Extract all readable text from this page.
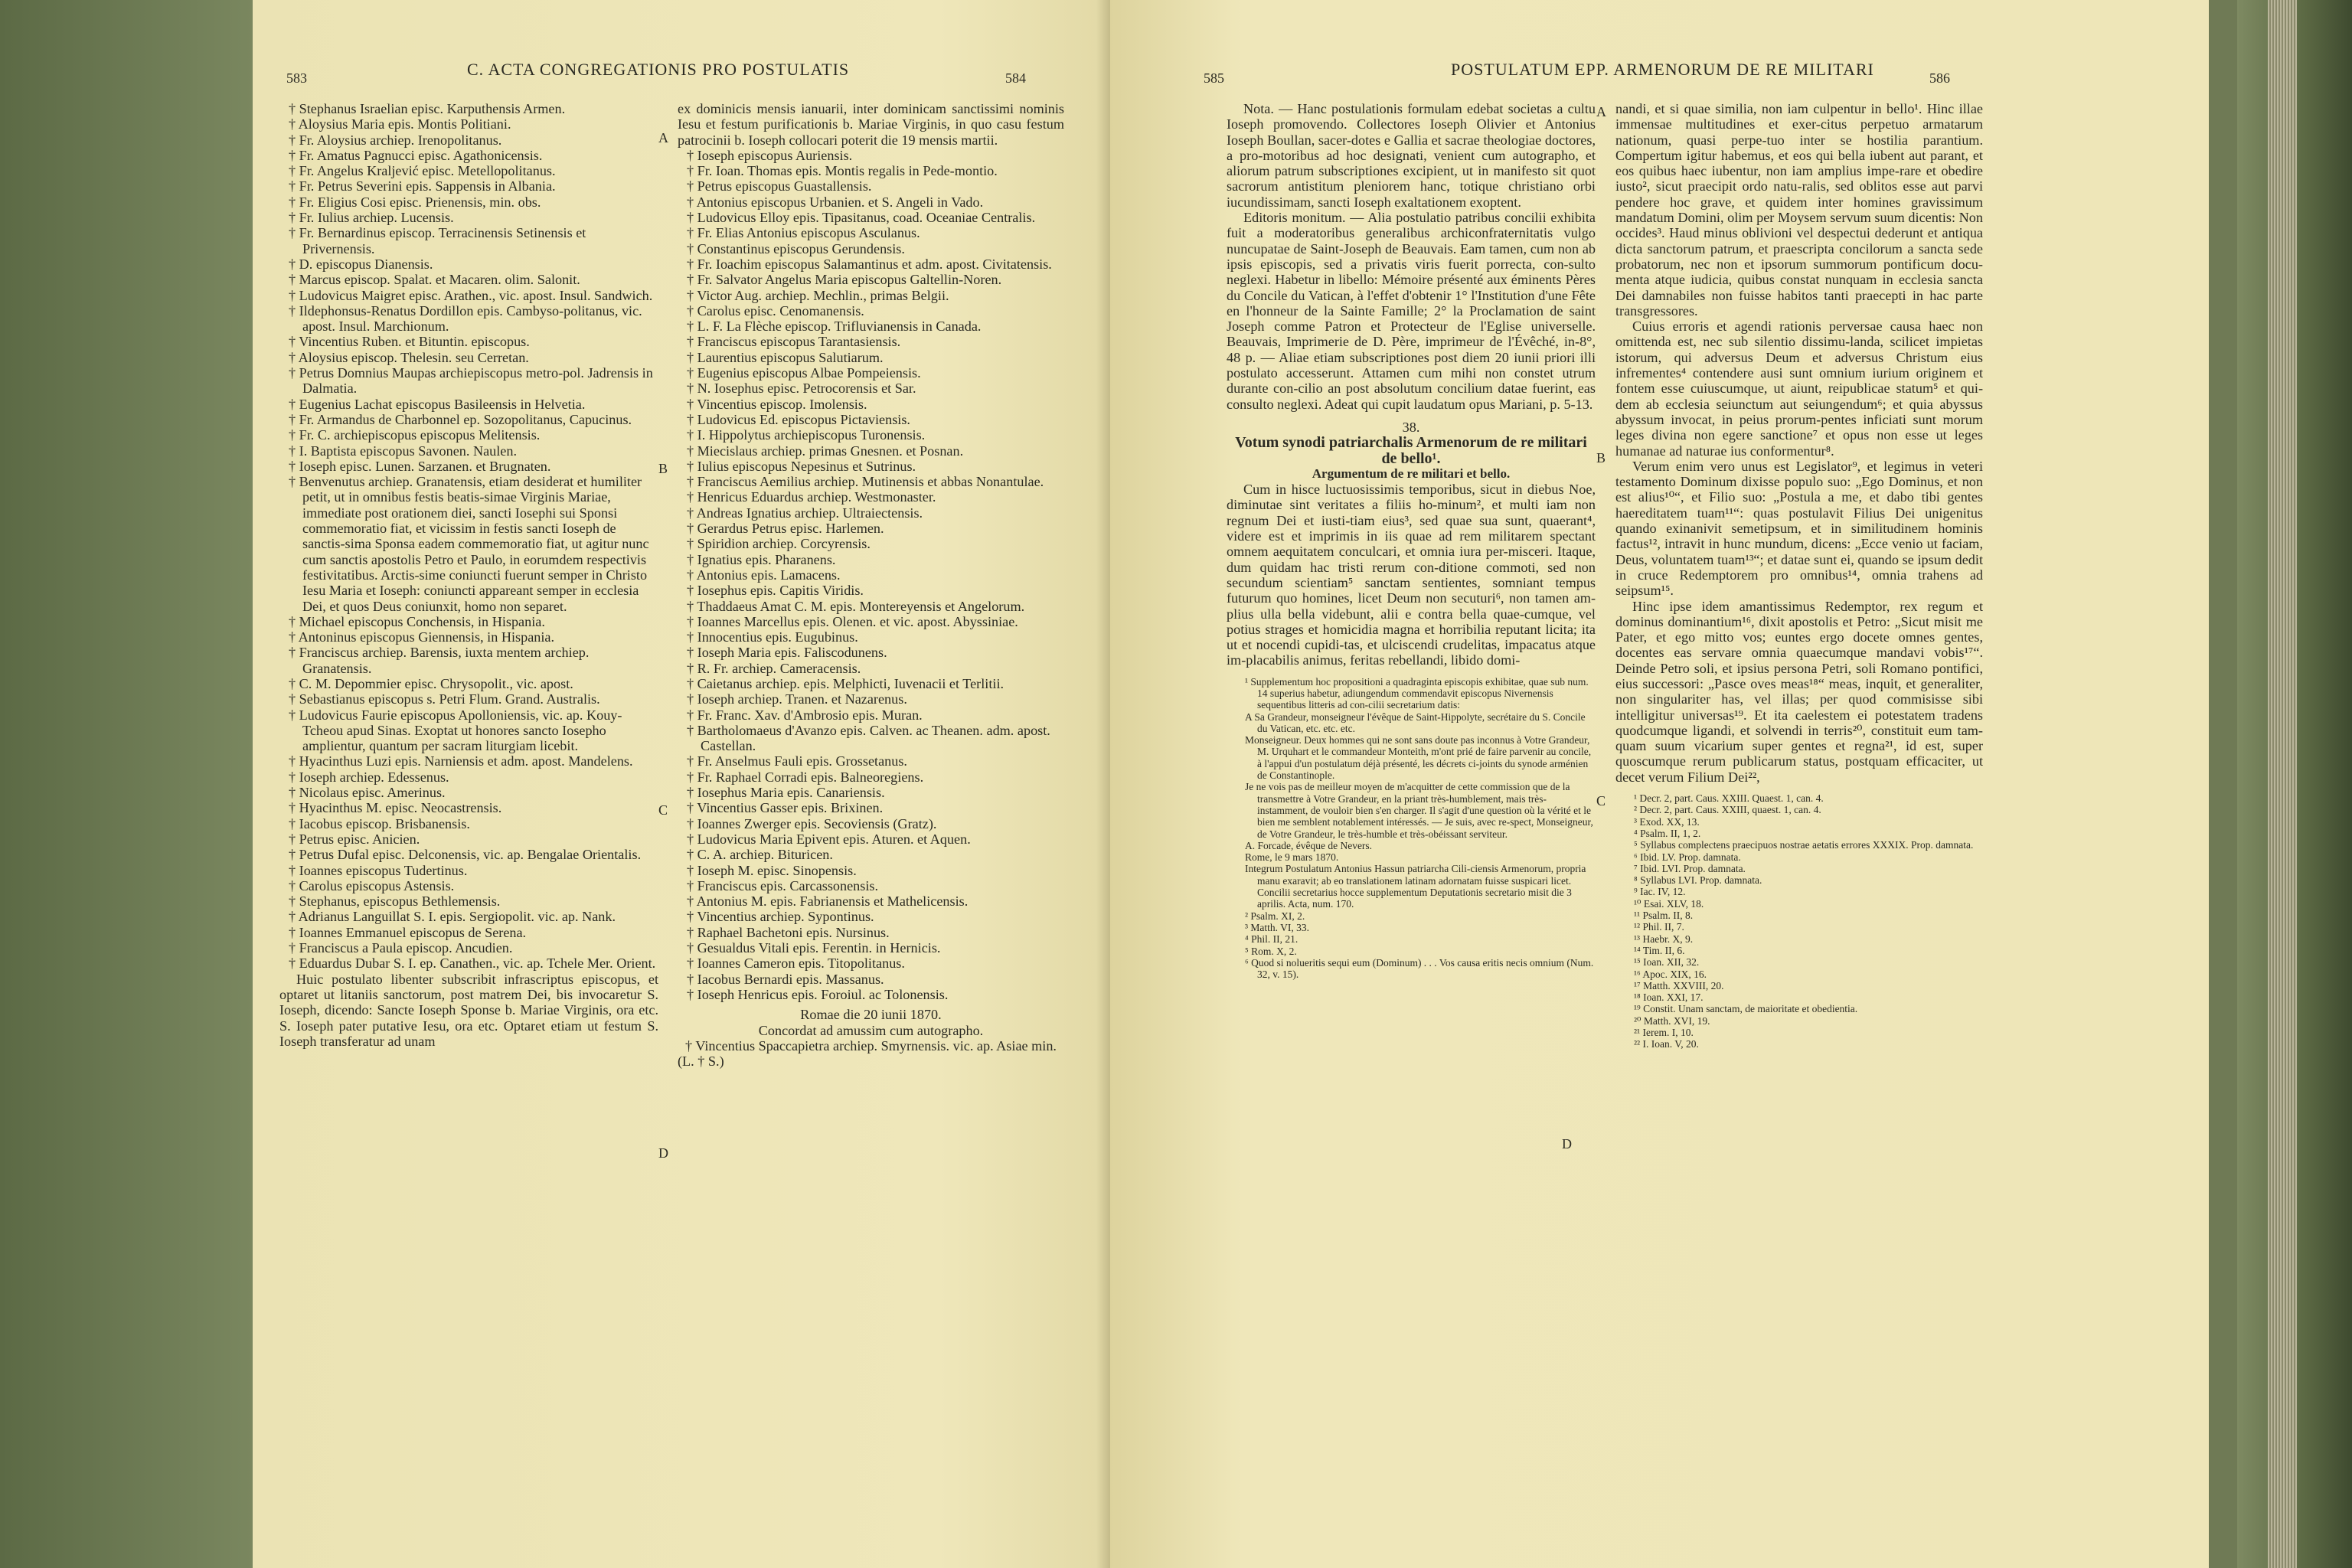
583	C. ACTA CONGREGATIONIS PRO POSTULATIS	584

† Stephanus Israelian episc. Karputhensis Armen.

† Aloysius Maria epis. Montis Politiani.

† Fr. Aloysius archiep. Irenopolitanus.

† Fr. Amatus Pagnucci episc. Agathonicensis.

† Fr. Angelus Kraljević episc. Metellopolitanus.

† Fr. Petrus Severini epis. Sappensis in Albania.

† Fr. Eligius Cosi episc. Prienensis, min. obs.

† Fr. Iulius archiep. Lucensis.

† Fr. Bernardinus episcop. Terracinensis Setinensis et Privernensis.

† D. episcopus Dianensis.

† Marcus episcop. Spalat. et Macaren. olim. Salonit.

† Ludovicus Maigret episc. Arathen., vic. apost. Insul. Sandwich.

† Ildephonsus-Renatus Dordillon epis. Cambyso-politanus, vic. apost. Insul. Marchionum.

† Vincentius Ruben. et Bituntin. episcopus.

† Aloysius episcop. Thelesin. seu Cerretan.

† Petrus Domnius Maupas archiepiscopus metro-pol. Jadrensis in Dalmatia.

† Eugenius Lachat episcopus Basileensis in Helvetia.

† Fr. Armandus de Charbonnel ep. Sozopolitanus, Capucinus.

† Fr. C. archiepiscopus episcopus Melitensis.

† I. Baptista episcopus Savonen. Naulen.

† Ioseph episc. Lunen. Sarzanen. et Brugnaten.

† Benvenutus archiep. Granatensis, etiam desiderat et humiliter petit, ut in omnibus festis beatis-simae Virginis Mariae, immediate post orationem diei, sancti Iosephi sui Sponsi commemoratio fiat, et vicissim in festis sancti Ioseph de sanctis-sima Sponsa eadem commemoratio fiat, ut agitur nunc cum sanctis apostolis Petro et Paulo, in eorumdem respectivis festivitatibus. Arctis-sime coniuncti fuerunt semper in Christo Iesu Maria et Ioseph: coniuncti appareant semper in ecclesia Dei, et quos Deus coniunxit, homo non separet.

† Michael episcopus Conchensis, in Hispania.

† Antoninus episcopus Giennensis, in Hispania.

† Franciscus archiep. Barensis, iuxta mentem archiep. Granatensis.

† C. M. Depommier episc. Chrysopolit., vic. apost.

† Sebastianus episcopus s. Petri Flum. Grand. Australis.

† Ludovicus Faurie episcopus Apolloniensis, vic. ap. Kouy-Tcheou apud Sinas. Exoptat ut honores sancto Iosepho amplientur, quantum per sacram liturgiam licebit.

† Hyacinthus Luzi epis. Narniensis et adm. apost. Mandelens.

† Ioseph archiep. Edessenus.

† Nicolaus episc. Amerinus.

† Hyacinthus M. episc. Neocastrensis.

† Iacobus episcop. Brisbanensis.

† Petrus episc. Anicien.

† Petrus Dufal episc. Delconensis, vic. ap. Bengalae Orientalis.

† Ioannes episcopus Tudertinus.

† Carolus episcopus Astensis.

† Stephanus, episcopus Bethlemensis.

† Adrianus Languillat S. I. epis. Sergiopolit. vic. ap. Nank.

† Ioannes Emmanuel episcopus de Serena.

† Franciscus a Paula episcop. Ancudien.

† Eduardus Dubar S. I. ep. Canathen., vic. ap. Tchele Mer. Orient.

Huic postulato libenter subscribit infrascriptus episcopus, et optaret ut litaniis sanctorum, post matrem Dei, bis invocaretur S. Ioseph, dicendo: Sancte Ioseph Sponse b. Mariae Virginis, ora etc. S. Ioseph pater putative Iesu, ora etc. Optaret etiam ut festum S. Ioseph transferatur ad unam

ex dominicis mensis ianuarii, inter dominicam sanctissimi nominis Iesu et festum purificationis b. Mariae Virginis, in quo casu festum patrocinii b. Ioseph collocari poterit die 19 mensis martii.

† Ioseph episcopus Auriensis.

† Fr. Ioan. Thomas epis. Montis regalis in Pede-montio.

† Petrus episcopus Guastallensis.

† Antonius episcopus Urbanien. et S. Angeli in Vado.

† Ludovicus Elloy epis. Tipasitanus, coad. Oceaniae Centralis.

† Fr. Elias Antonius episcopus Asculanus.

† Constantinus episcopus Gerundensis.

† Fr. Ioachim episcopus Salamantinus et adm. apost. Civitatensis.

† Fr. Salvator Angelus Maria episcopus Galtellin-Noren.

† Victor Aug. archiep. Mechlin., primas Belgii.

† Carolus episc. Cenomanensis.

† L. F. La Flèche episcop. Trifluvianensis in Canada.

† Franciscus episcopus Tarantasiensis.

† Laurentius episcopus Salutiarum.

† Eugenius episcopus Albae Pompeiensis.

† N. Iosephus episc. Petrocorensis et Sar.

† Vincentius episcop. Imolensis.

† Ludovicus Ed. episcopus Pictaviensis.

† I. Hippolytus archiepiscopus Turonensis.

† Miecislaus archiep. primas Gnesnen. et Posnan.

† Iulius episcopus Nepesinus et Sutrinus.

† Franciscus Aemilius archiep. Mutinensis et abbas Nonantulae.

† Henricus Eduardus archiep. Westmonaster.

† Andreas Ignatius archiep. Ultraiectensis.

† Gerardus Petrus episc. Harlemen.

† Spiridion archiep. Corcyrensis.

† Ignatius epis. Pharanens.

† Antonius epis. Lamacens.

† Iosephus epis. Capitis Viridis.

† Thaddaeus Amat C. M. epis. Montereyensis et Angelorum.

† Ioannes Marcellus epis. Olenen. et vic. apost. Abyssiniae.

† Innocentius epis. Eugubinus.

† Ioseph Maria epis. Faliscodunens.

† R. Fr. archiep. Cameracensis.

† Caietanus archiep. epis. Melphicti, Iuvenacii et Terlitii.

† Ioseph archiep. Tranen. et Nazarenus.

† Fr. Franc. Xav. d'Ambrosio epis. Muran.

† Bartholomaeus d'Avanzo epis. Calven. ac Theanen. adm. apost. Castellan.

† Fr. Anselmus Fauli epis. Grossetanus.

† Fr. Raphael Corradi epis. Balneoregiens.

† Iosephus Maria epis. Canariensis.

† Vincentius Gasser epis. Brixinen.

† Ioannes Zwerger epis. Secoviensis (Gratz).

† Ludovicus Maria Epivent epis. Aturen. et Aquen.

† C. A. archiep. Bituricen.

† Ioseph M. episc. Sinopensis.

† Franciscus epis. Carcassonensis.

† Antonius M. epis. Fabrianensis et Mathelicensis.

† Vincentius archiep. Sypontinus.

† Raphael Bachetoni epis. Nursinus.

† Gesualdus Vitali epis. Ferentin. in Hernicis.

† Ioannes Cameron epis. Titopolitanus.

† Iacobus Bernardi epis. Massanus.

† Ioseph Henricus epis. Foroiul. ac Tolonensis.

Romae die 20 iunii 1870.

Concordat ad amussim cum autographo.

† Vincentius Spaccapietra archiep. Smyrnensis. vic. ap. Asiae min.

(L. † S.)

A
B
C
D
585	POSTULATUM EPP. ARMENORUM DE RE MILITARI	586

Nota. — Hanc postulationis formulam edebat societas a cultu Ioseph promovendo. Collectores Ioseph Olivier et Antonius Ioseph Boullan, sacer-dotes e Gallia et sacrae theologiae doctores, a pro-motoribus ad hoc designati, venient cum autographo, et aliorum patrum subscriptiones excipient, ut in manifesto sit quot sacrorum antistitum pleniorem hanc, totique christiano orbi iucundissimam, sancti Ioseph exaltationem exoptent.

Editoris monitum. — Alia postulatio patribus concilii exhibita fuit a moderatoribus generalibus archiconfraternitatis vulgo nuncupatae de Saint-Joseph de Beauvais. Eam tamen, cum non ab ipsis episcopis, sed a privatis viris fuerit porrecta, con-sulto neglexi. Habetur in libello: Mémoire présenté aux éminents Pères du Concile du Vatican, à l'effet d'obtenir 1° l'Institution d'une Fête en l'honneur de la Sainte Famille; 2° la Proclamation de saint Joseph comme Patron et Protecteur de l'Eglise universelle. Beauvais, Imprimerie de D. Père, imprimeur de l'Évêché, in-8°, 48 p. — Aliae etiam subscriptiones post diem 20 iunii priori illi postulato accesserunt. Attamen cum mihi non constet utrum durante con-cilio an post absolutum concilium datae fuerint, eas consulto neglexi. Adeat qui cupit laudatum opus Mariani, p. 5-13.

38.

Votum synodi patriarchalis Armenorum de re militari de bello¹.

Argumentum de re militari et bello.

Cum in hisce luctuosissimis temporibus, sicut in diebus Noe, diminutae sint veritates a filiis ho-minum², et multi iam non regnum Dei et iusti-tiam eius³, sed quae sua sunt, quaerant⁴, videre est et imprimis in iis quae ad rem militarem spectant omnem aequitatem conculcari, et omnia iura per-misceri. Itaque, dum quidam hac tristi rerum con-ditione commoti, sed non secundum scientiam⁵ sanctam sentientes, somniant tempus futurum quo homines, licet Deum non secuturi⁶, non tamen am-plius ulla bella videbunt, alii e contra bella quae-cumque, vel potius strages et homicidia magna et horribilia reputant licita; ita ut et nocendi cupidi-tas, et ulciscendi crudelitas, impacatus atque im-placabilis animus, feritas rebellandi, libido domi-

¹ Supplementum hoc propositioni a quadraginta episcopis exhibitae, quae sub num. 14 superius habetur, adiungendum commendavit episcopus Nivernensis sequentibus litteris ad con-cilii secretarium datis:

A Sa Grandeur, monseigneur l'évêque de Saint-Hippolyte, secrétaire du S. Concile du Vatican, etc. etc. etc.

Monseigneur. Deux hommes qui ne sont sans doute pas inconnus à Votre Grandeur, M. Urquhart et le commandeur Monteith, m'ont prié de faire parvenir au concile, à l'appui d'un postulatum déjà présenté, les décrets ci-joints du synode arménien de Constantinople.

Je ne vois pas de meilleur moyen de m'acquitter de cette commission que de la transmettre à Votre Grandeur, en la priant très-humblement, mais très-instamment, de vouloir bien s'en charger. Il s'agit d'une question où la vérité et le bien me semblent notablement intéressés. — Je suis, avec re-spect, Monseigneur, de Votre Grandeur, le très-humble et très-obéissant serviteur.

A. Forcade, évêque de Nevers.

Rome, le 9 mars 1870.

Integrum Postulatum Antonius Hassun patriarcha Cili-ciensis Armenorum, propria manu exaravit; ab eo translationem latinam adornatam fuisse suspicari licet. Concilii secretarius hocce supplementum Deputationis secretario misit die 3 aprilis. Acta, num. 170.

² Psalm. XI, 2.

³ Matth. VI, 33.

⁴ Phil. II, 21.

⁵ Rom. X, 2.

⁶ Quod si nolueritis sequi eum (Dominum) . . . Vos causa eritis necis omnium (Num. 32, v. 15).

A
B
C
D

nandi, et si quae similia, non iam culpentur in bello¹. Hinc illae immensae multitudines et exer-citus perpetuo armatarum nationum, quasi perpe-tuo inter se hostilia parantium. Compertum igitur habemus, et eos qui bella iubent aut parant, et eos quibus haec iubentur, non iam amplius impe-rare et obedire iusto², sicut praecipit ordo natu-ralis, sed oblitos esse aut parvi pendere hoc grave, et quidem inter homines gravissimum mandatum Domini, olim per Moysem servum suum dicentis: Non occides³. Haud minus oblivioni vel despectui dederunt et antiqua dicta sanctorum patrum, et praescripta concilorum a sancta sede probatorum, nec non et ipsorum summorum pontificum docu-menta atque iudicia, quibus constat nunquam in ecclesia sancta Dei damnabiles non fuisse habitos tanti praecepti in hac parte transgressores.

Cuius erroris et agendi rationis perversae causa haec non omittenda est, nec sub silentio dissimu-landa, scilicet impietas istorum, qui adversus Deum et adversus Christum eius infrementes⁴ contendere ausi sunt omnium iurium originem et fontem esse cuiuscumque, ut aiunt, reipublicae statum⁵ et qui-dem ab ecclesia seiunctum aut seiungendum⁶; et quia abyssus abyssum invocat, in peius prorum-pentes inficiati sunt morum leges divina non egere sanctione⁷ et opus non esse ut leges humanae ad naturae ius conformentur⁸.

Verum enim vero unus est Legislator⁹, et legimus in veteri testamento Dominum dixisse populo suo: „Ego Dominus, et non est alius¹⁰“, et Filio suo: „Postula a me, et dabo tibi gentes haereditatem tuam¹¹“: quas postulavit Filius Dei unigenitus quando exinanivit semetipsum, et in similitudinem hominis factus¹², intravit in hunc mundum, dicens: „Ecce venio ut faciam, Deus, voluntatem tuam¹³“; et datae sunt ei, quando se ipsum dedit in cruce Redemptorem pro omnibus¹⁴, omnia trahens ad seipsum¹⁵.

Hinc ipse idem amantissimus Redemptor, rex regum et dominus dominantium¹⁶, dixit apostolis et Petro: „Sicut misit me Pater, et ego mitto vos; euntes ergo docete omnes gentes, docentes eas servare omnia quaecumque mandavi vobis¹⁷“. Deinde Petro soli, et ipsius persona Petri, soli Romano pontifici, eius successori: „Pasce oves meas¹⁸“ meas, inquit, et generaliter, non singulariter has, vel illas; per quod commisisse sibi intelligitur universas¹⁹. Et ita caelestem ei potestatem tradens quodcumque ligandi, et solvendi in terris²⁰, constituit eum tam-quam suum vicarium super gentes et regna²¹, id est, super quoscumque rerum publicarum status, postquam efficaciter, ut decet verum Filium Dei²²,

¹ Decr. 2, part. Caus. XXIII. Quaest. 1, can. 4.

² Decr. 2, part. Caus. XXIII, quaest. 1, can. 4.

³ Exod. XX, 13.

⁴ Psalm. II, 1, 2.

⁵ Syllabus complectens praecipuos nostrae aetatis errores XXXIX. Prop. damnata.

⁶ Ibid. LV. Prop. damnata.

⁷ Ibid. LVI. Prop. damnata.

⁸ Syllabus LVI. Prop. damnata.

⁹ Iac. IV, 12.

¹⁰ Esai. XLV, 18.

¹¹ Psalm. II, 8.

¹² Phil. II, 7.

¹³ Haebr. X, 9.

¹⁴ Tim. II, 6.

¹⁵ Ioan. XII, 32.

¹⁶ Apoc. XIX, 16.

¹⁷ Matth. XXVIII, 20.

¹⁸ Ioan. XXI, 17.

¹⁹ Constit. Unam sanctam, de maioritate et obedientia.

²⁰ Matth. XVI, 19.

²¹ Ierem. I, 10.

²² I. Ioan. V, 20.
